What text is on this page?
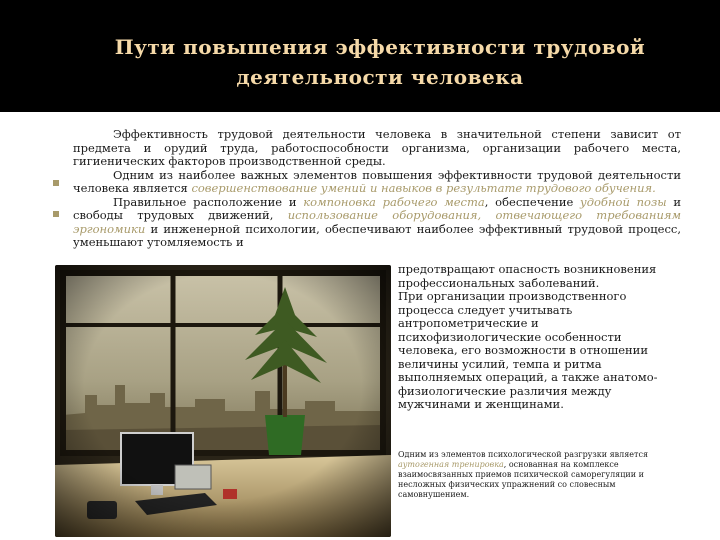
Пути повышения эффективности трудовой
деятельности человека

Эффективность трудовой деятельности человека в значительной степени зависит от предмета и орудий труда, работоспособности организма, организации рабочего места, гигиенических факторов производственной среды.

Одним из наиболее важных элементов повышения эффективности трудовой деятельности человека является совершенствование умений и навыков в результате трудового обучения.

Правильное расположение и компоновка рабочего места, обеспечение удобной позы и свободы трудовых движений, использование оборудования, отвечающего требованиям эргономики и инженерной психологии, обеспечивают наиболее эффективный трудовой процесс, уменьшают утомляемость и

предотвращают опасность возникновения профессиональных заболеваний.

При организации производственного процесса следует учитывать антропометрические и психофизиологические особенности человека, его возможности в отношении величины усилий, темпа и ритма выполняемых операций, а также анатомо-физиологические различия между мужчинами и женщинами.

Одним из элементов психологической разгрузки является аутогенная тренировка, основанная на комплексе взаимосвязанных приемов психической саморегуляции и несложных физических упражнений со словесным самовнушением.
